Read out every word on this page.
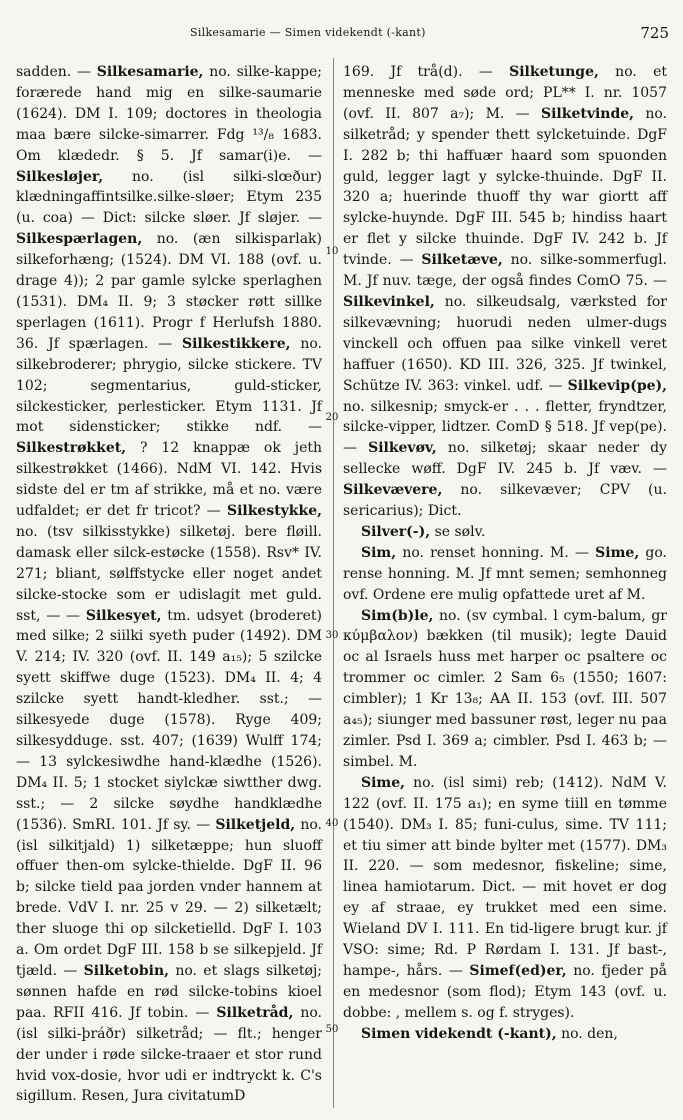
Silkesamarie — Simen videkendt (-kant)	725
10
20
30
40
50

sadden. — Silkesamarie, no. silke-kappe; forærede hand mig en silke-saumarie (1624). DM I. 109; doctores in theologia maa bære silcke-simarrer. Fdg ¹³/₈ 1683. Om klædedr. § 5. Jf samar(i)e. — Silkesløjer, no. (isl silki-slœður) klædningaffintsilke.silke-sløer; Etym 235 (u. coa) — Dict: silcke sløer. Jf sløjer. — Silkespærlagen, no. (æn silkisparlak) silkeforhæng; (1524). DM VI. 188 (ovf. u. drage 4)); 2 par gamle sylcke sperlaghen (1531). DM₄ II. 9; 3 støcker røtt sillke sperlagen (1611). Progr f Herlufsh 1880. 36. Jf spærlagen. — Silkestikkere, no. silkebroderer; phrygio, silcke stickere. TV 102; segmentarius, guld-sticker, silckesticker, perlesticker. Etym 1131. Jf mot sidensticker; stikke ndf. — Silkestrøkket, ? 12 knappæ ok jeth silkestrøkket (1466). NdM VI. 142. Hvis sidste del er tm af strikke, må et no. være udfaldet; er det fr tricot? — Silkestykke, no. (tsv silkisstykke) silketøj. bere fløill. damask eller silck-estøcke (1558). Rsv* IV. 271; bliant, sølffstycke eller noget andet silcke-stocke som er udislagit met guld. sst, — — Silkesyet, tm. udsyet (broderet) med silke; 2 siilki syeth puder (1492). DM V. 214; IV. 320 (ovf. II. 149 a₁₅); 5 szilcke syett skiffwe duge (1523). DM₄ II. 4; 4 szilcke syett handt-kledher. sst.; — silkesyede duge (1578). Ryge 409; silkesydduge. sst. 407; (1639) Wulff 174; — 13 sylckesiwdhe hand-klædhe (1526). DM₄ II. 5; 1 stocket siylckæ siwtther dwg. sst.; — 2 silcke søydhe handklædhe (1536). SmRI. 101. Jf sy. — Silketjeld, no. (isl silkitjald) 1) silketæppe; hun sluoff offuer then-om sylcke-thielde. DgF II. 96 b; silcke tield paa jorden vnder hannem at brede. VdV I. nr. 25 v 29. — 2) silketælt; ther sluoge thi op silcketielld. DgF I. 103 a. Om ordet DgF III. 158 b se silkepjeld. Jf tjæld. — Silketobin, no. et slags silketøj; sønnen hafde en rød silcke-tobins kioel paa. RFII 416. Jf tobin. — Silketråd, no. (isl silki-þráðr) silketråd; — flt.; henger der under i røde silcke-traaer et stor rund hvid vox-dosie, hvor udi er indtryckt k. C's sigillum. Resen, Jura civitatumD

169. Jf trå(d). — Silketunge, no. et menneske med søde ord; PL** I. nr. 1057 (ovf. II. 807 a₇); M. — Silketvinde, no. silketråd; y spender thett sylcketuinde. DgF I. 282 b; thi haffuær haard som spuonden guld, legger lagt y sylcke-thuinde. DgF II. 320 a; huerinde thuoff thy war giortt aff sylcke-huynde. DgF III. 545 b; hindiss haart er flet y silcke thuinde. DgF IV. 242 b. Jf tvinde. — Silketæve, no. silke-sommerfugl. M. Jf nuv. tæge, der også findes ComO 75. — Silkevinkel, no. silkeudsalg, værksted for silkevævning; huorudi neden ulmer-dugs vinckell och offuen paa silke vinkell veret haffuer (1650). KD III. 326, 325. Jf twinkel, Schütze IV. 363: vinkel. udf. — Silkevip(pe), no. silkesnip; smyck-er . . . fletter, fryndtzer, silcke-vipper, lidtzer. ComD § 518. Jf vep(pe). — Silkevøv, no. silketøj; skaar neder dy sellecke wøff. DgF IV. 245 b. Jf væv. — Silkevævere, no. silkevæver; CPV (u. sericarius); Dict.

Silver(-), se sølv.

Sim, no. renset honning. M. — Sime, go. rense honning. M. Jf mnt semen; semhonneg ovf. Ordene ere mulig opfattede uret af M.

Sim(b)le, no. (sv cymbal. l cym-balum, gr κύμβαλον) bækken (til musik); legte Dauid oc al Israels huss met harper oc psaltere oc trommer oc cimler. 2 Sam 6₅ (1550; 1607: cimbler); 1 Kr 13₈; AA II. 153 (ovf. III. 507 a₄₅); siunger med bassuner røst, leger nu paa zimler. Psd I. 369 a; cimbler. Psd I. 463 b; — simbel. M.

Sime, no. (isl simi) reb; (1412). NdM V. 122 (ovf. II. 175 a₁); en syme tiill en tømme (1540). DM₃ I. 85; funi-culus, sime. TV 111; et tiu simer att binde bylter met (1577). DM₃ II. 220. — som medesnor, fiskeline; sime, linea hamiotarum. Dict. — mit hovet er dog ey af straae, ey trukket med een sime. Wieland DV I. 111. En tid-ligere brugt kur. jf VSO: sime; Rd. P Rørdam I. 131. Jf bast-, hampe-, hårs. — Simef(ed)er, no. fjeder på en medesnor (som flod); Etym 143 (ovf. u. dobbe: , mellem s. og f. stryges).

Simen videkendt (-kant), no. den,
